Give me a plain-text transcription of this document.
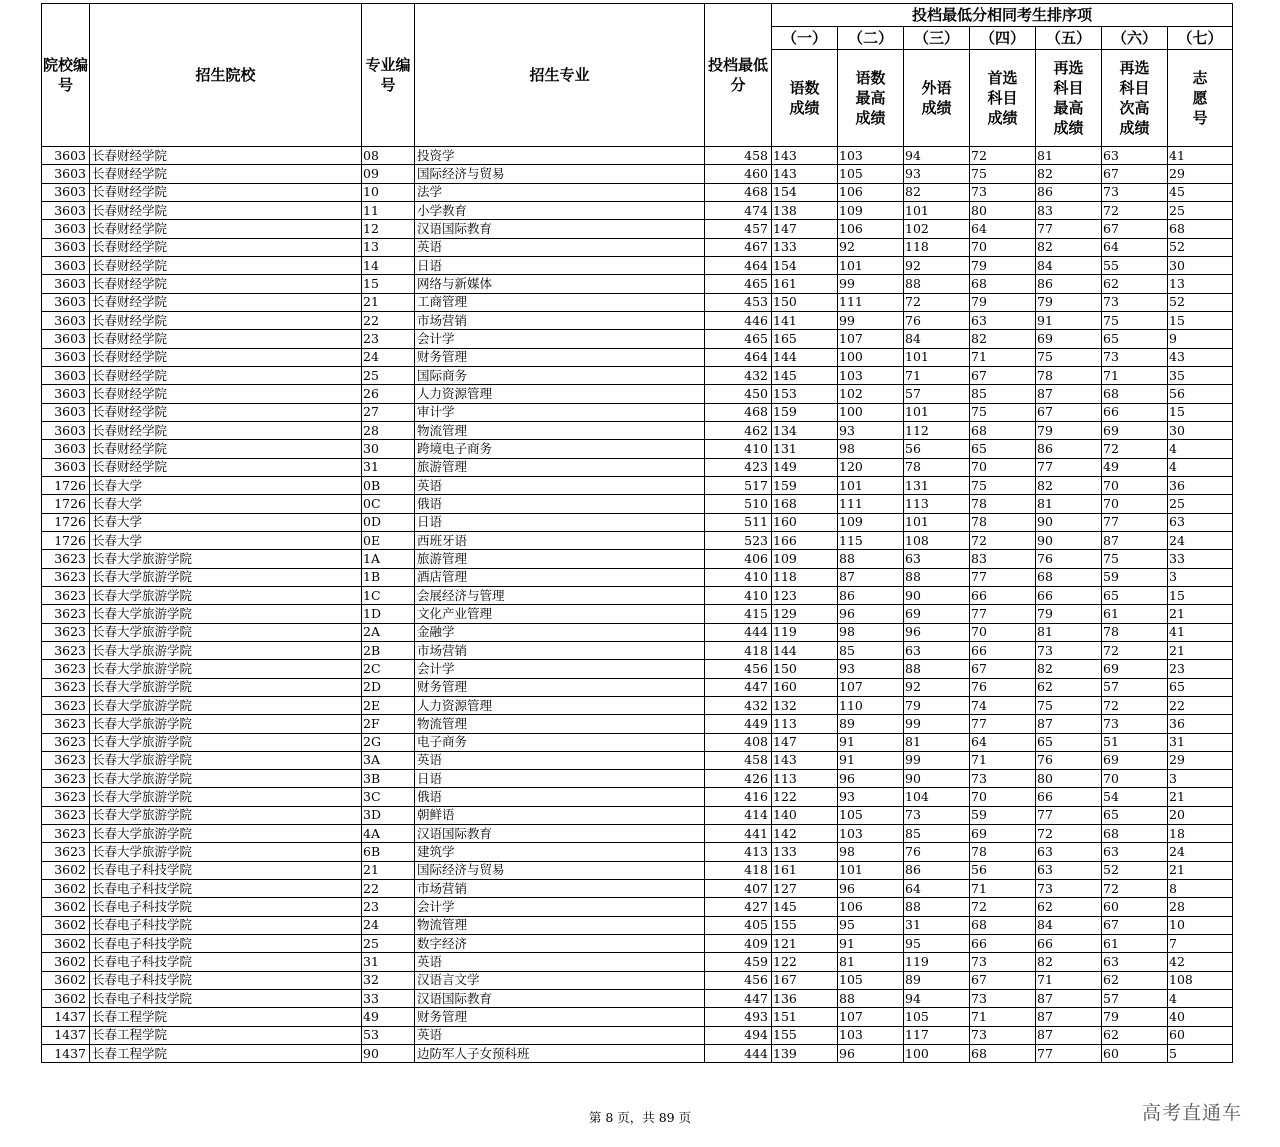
院校编号	招生院校	专业编号	招生专业	投档最低分	投档最低分相同考生排序项						
					（一）	（二）	（三）	（四）	（五）	（六）	（七）
					语数成绩	语数最高成绩	外语成绩	首选科目成绩	再选科目最高成绩	再选科目次高成绩	志愿号
3603	长春财经学院	08	投资学	458	143	103	94	72	81	63	41
3603	长春财经学院	09	国际经济与贸易	460	143	105	93	75	82	67	29
3603	长春财经学院	10	法学	468	154	106	82	73	86	73	45
3603	长春财经学院	11	小学教育	474	138	109	101	80	83	72	25
3603	长春财经学院	12	汉语国际教育	457	147	106	102	64	77	67	68
3603	长春财经学院	13	英语	467	133	92	118	70	82	64	52
3603	长春财经学院	14	日语	464	154	101	92	79	84	55	30
3603	长春财经学院	15	网络与新媒体	465	161	99	88	68	86	62	13
3603	长春财经学院	21	工商管理	453	150	111	72	79	79	73	52
3603	长春财经学院	22	市场营销	446	141	99	76	63	91	75	15
3603	长春财经学院	23	会计学	465	165	107	84	82	69	65	9
3603	长春财经学院	24	财务管理	464	144	100	101	71	75	73	43
3603	长春财经学院	25	国际商务	432	145	103	71	67	78	71	35
3603	长春财经学院	26	人力资源管理	450	153	102	57	85	87	68	56
3603	长春财经学院	27	审计学	468	159	100	101	75	67	66	15
3603	长春财经学院	28	物流管理	462	134	93	112	68	79	69	30
3603	长春财经学院	30	跨境电子商务	410	131	98	56	65	86	72	4
3603	长春财经学院	31	旅游管理	423	149	120	78	70	77	49	4
1726	长春大学	0B	英语	517	159	101	131	75	82	70	36
1726	长春大学	0C	俄语	510	168	111	113	78	81	70	25
1726	长春大学	0D	日语	511	160	109	101	78	90	77	63
1726	长春大学	0E	西班牙语	523	166	115	108	72	90	87	24
3623	长春大学旅游学院	1A	旅游管理	406	109	88	63	83	76	75	33
3623	长春大学旅游学院	1B	酒店管理	410	118	87	88	77	68	59	3
3623	长春大学旅游学院	1C	会展经济与管理	410	123	86	90	66	66	65	15
3623	长春大学旅游学院	1D	文化产业管理	415	129	96	69	77	79	61	21
3623	长春大学旅游学院	2A	金融学	444	119	98	96	70	81	78	41
3623	长春大学旅游学院	2B	市场营销	418	144	85	63	66	73	72	21
3623	长春大学旅游学院	2C	会计学	456	150	93	88	67	82	69	23
3623	长春大学旅游学院	2D	财务管理	447	160	107	92	76	62	57	65
3623	长春大学旅游学院	2E	人力资源管理	432	132	110	79	74	75	72	22
3623	长春大学旅游学院	2F	物流管理	449	113	89	99	77	87	73	36
3623	长春大学旅游学院	2G	电子商务	408	147	91	81	64	65	51	31
3623	长春大学旅游学院	3A	英语	458	143	91	99	71	76	69	29
3623	长春大学旅游学院	3B	日语	426	113	96	90	73	80	70	3
3623	长春大学旅游学院	3C	俄语	416	122	93	104	70	66	54	21
3623	长春大学旅游学院	3D	朝鲜语	414	140	105	73	59	77	65	20
3623	长春大学旅游学院	4A	汉语国际教育	441	142	103	85	69	72	68	18
3623	长春大学旅游学院	6B	建筑学	413	133	98	76	78	63	63	24
3602	长春电子科技学院	21	国际经济与贸易	418	161	101	86	56	63	52	21
3602	长春电子科技学院	22	市场营销	407	127	96	64	71	73	72	8
3602	长春电子科技学院	23	会计学	427	145	106	88	72	62	60	28
3602	长春电子科技学院	24	物流管理	405	155	95	31	68	84	67	10
3602	长春电子科技学院	25	数字经济	409	121	91	95	66	66	61	7
3602	长春电子科技学院	31	英语	459	122	81	119	73	82	63	42
3602	长春电子科技学院	32	汉语言文学	456	167	105	89	67	71	62	108
3602	长春电子科技学院	33	汉语国际教育	447	136	88	94	73	87	57	4
1437	长春工程学院	49	财务管理	493	151	107	105	71	87	79	40
1437	长春工程学院	53	英语	494	155	103	117	73	87	62	60
1437	长春工程学院	90	边防军人子女预科班	444	139	96	100	68	77	60	5
第 8 页，共 89 页	高考直通车
